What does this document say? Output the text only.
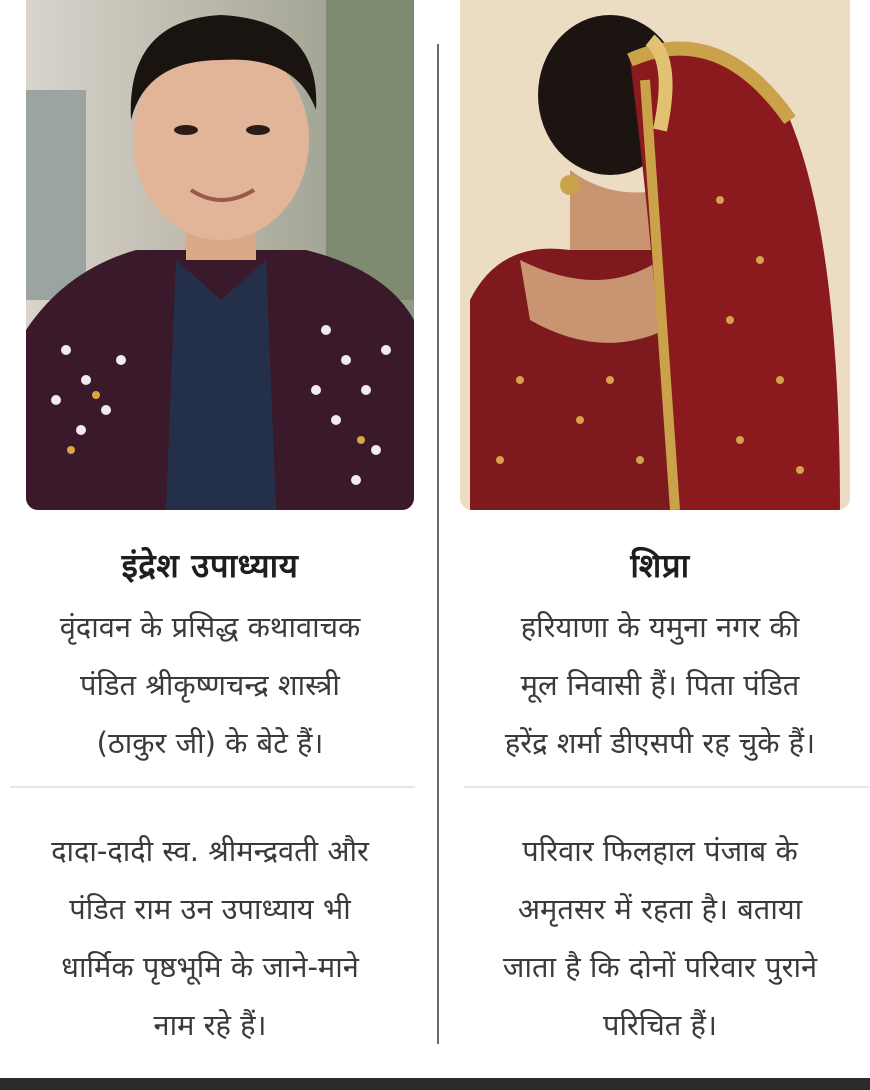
इंद्रेश उपाध्याय
वृंदावन के प्रसिद्ध कथावाचक
पंडित श्रीकृष्णचन्द्र शास्त्री
(ठाकुर जी) के बेटे हैं।
दादा-दादी स्व. श्रीमन्द्रवती और
पंडित राम उन उपाध्याय भी
धार्मिक पृष्ठभूमि के जाने-माने
नाम रहे हैं।
शिप्रा
हरियाणा के यमुना नगर की
मूल निवासी हैं। पिता पंडित
हरेंद्र शर्मा डीएसपी रह चुके हैं।
परिवार फिलहाल पंजाब के
अमृतसर में रहता है। बताया
जाता है कि दोनों परिवार पुराने
परिचित हैं।
